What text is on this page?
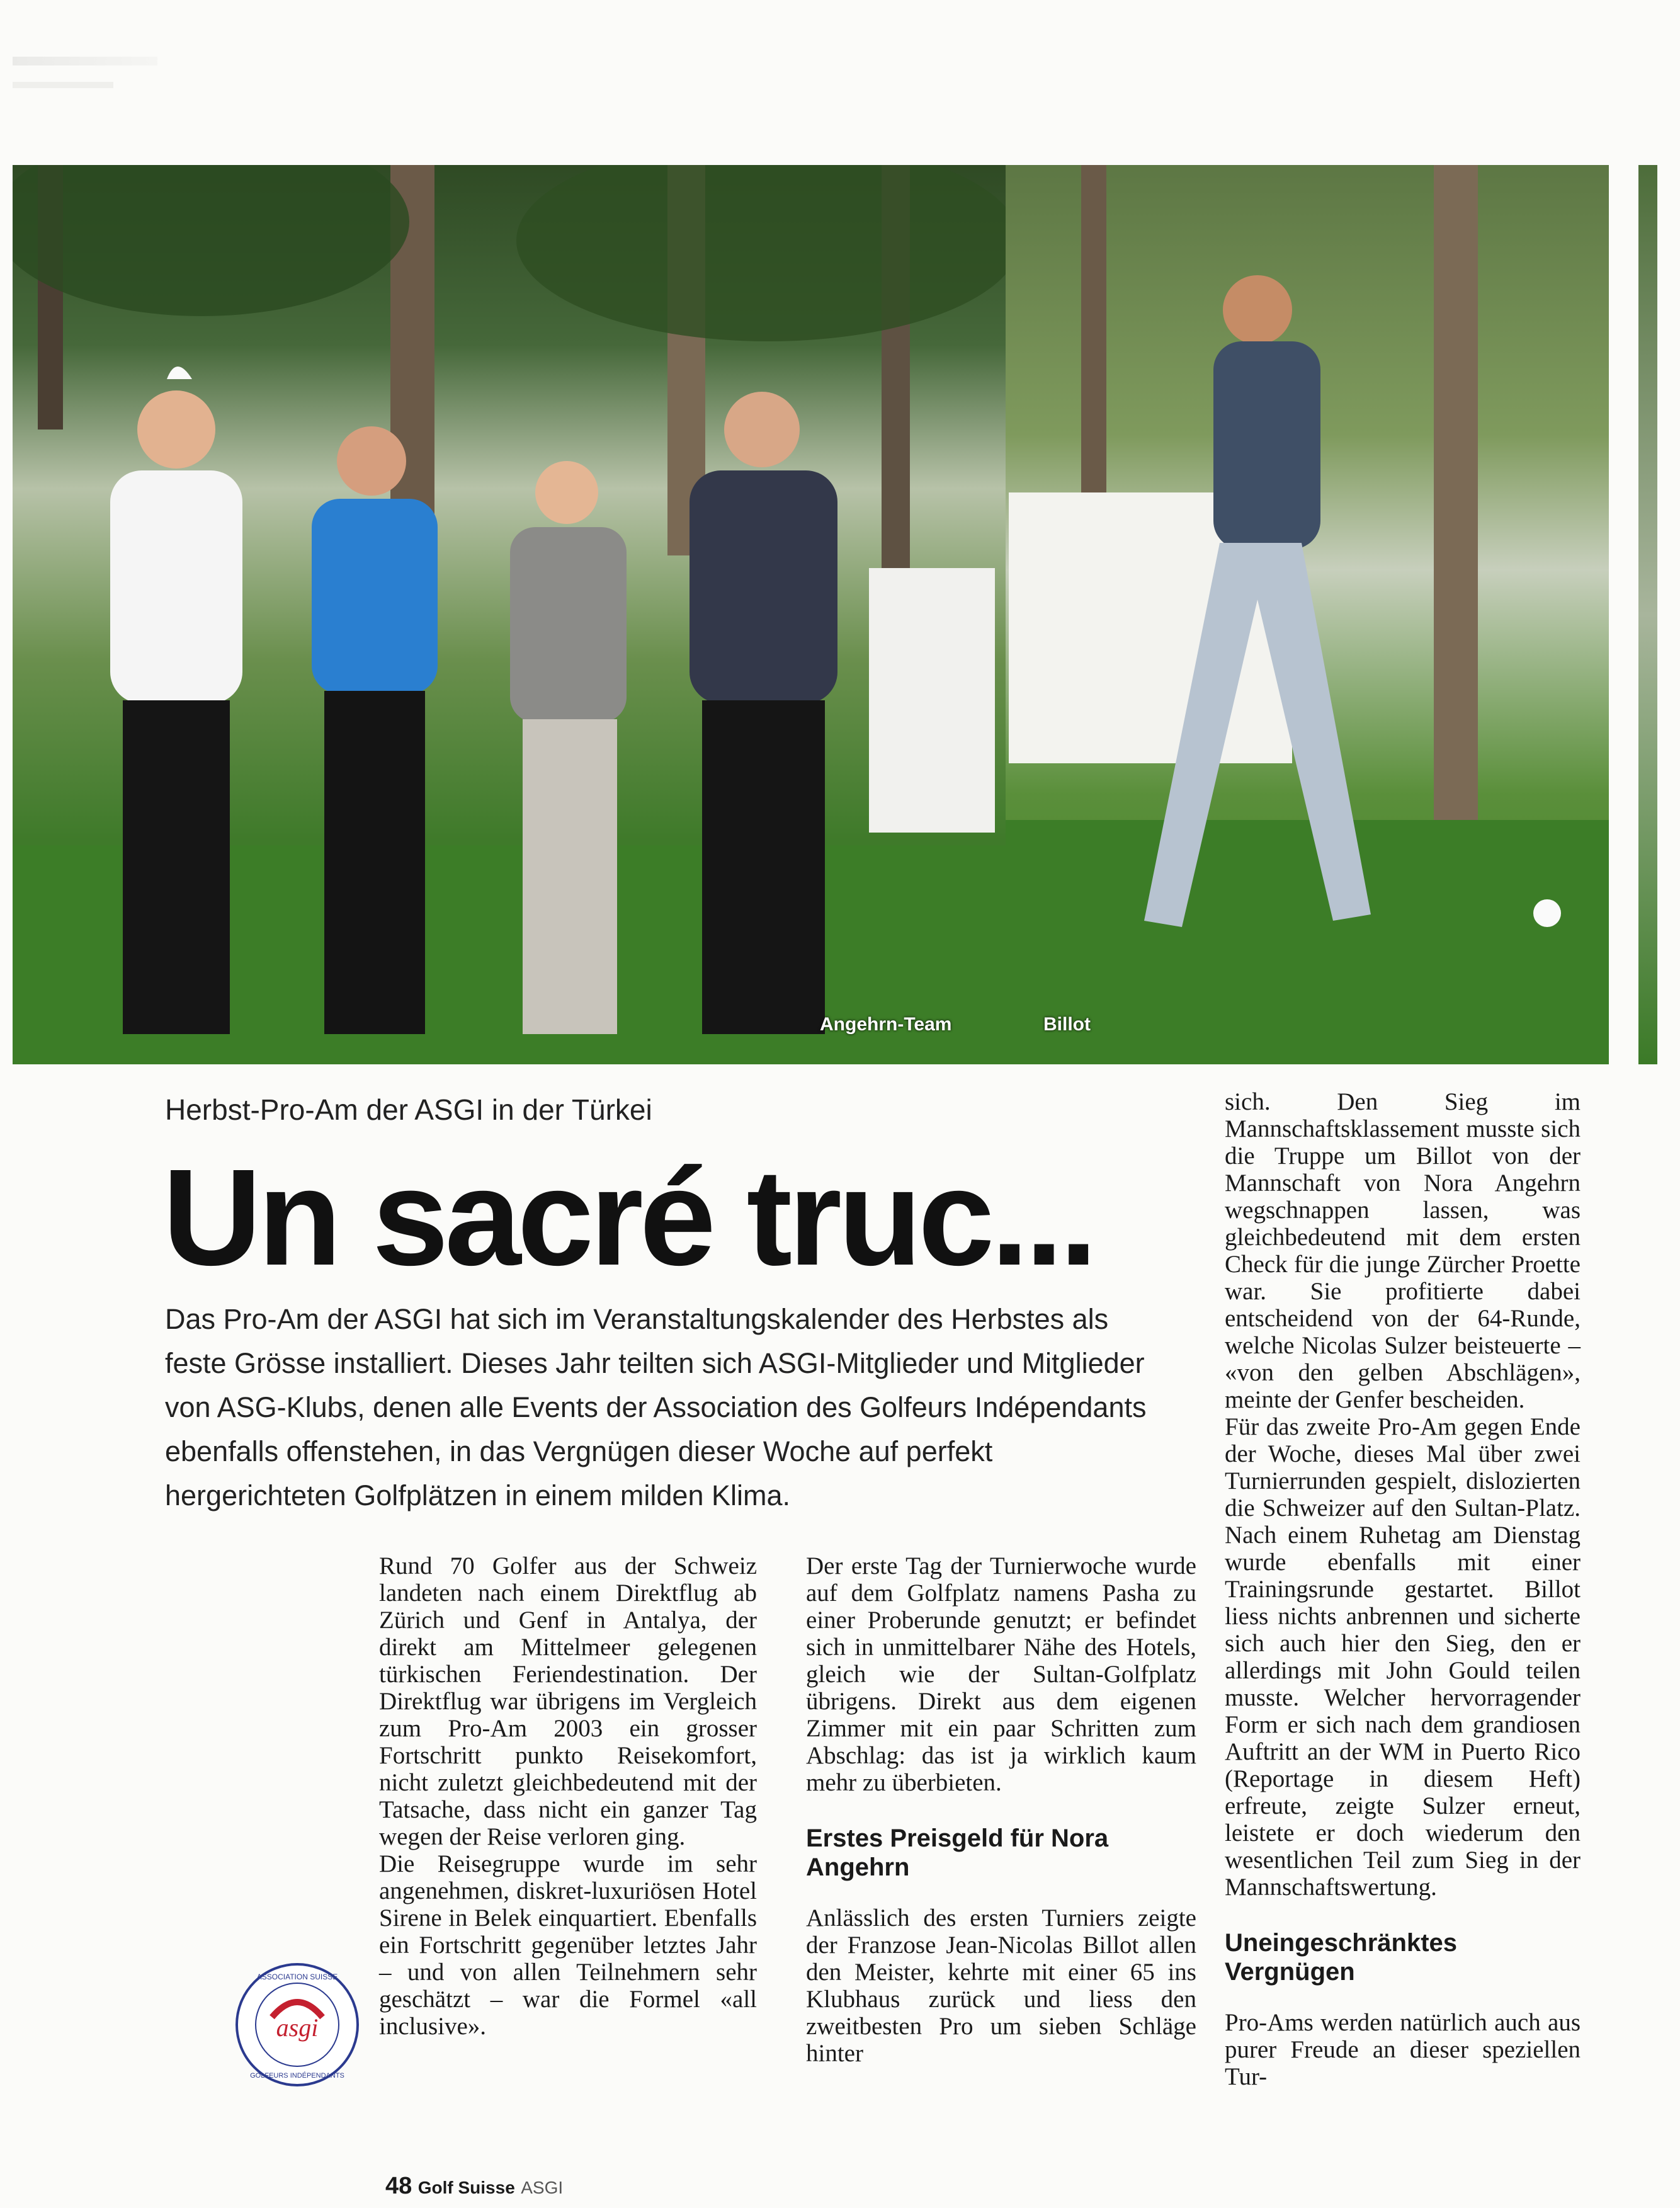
Angehrn-Team	Billot
Herbst-Pro-Am der ASGI in der Türkei
Un sacré truc...
Das Pro-Am der ASGI hat sich im Veranstaltungskalender des Herbstes als feste Grösse installiert. Dieses Jahr teilten sich ASGI-Mitglieder und Mitglieder von ASG-Klubs, denen alle Events der Association des Golfeurs Indépendants ebenfalls offenstehen, in das Vergnügen dieser Woche auf perfekt hergerichteten Golfplätzen in einem milden Klima.

Rund 70 Golfer aus der Schweiz landeten nach einem Direktflug ab Zürich und Genf in Antalya, der direkt am Mittelmeer gelegenen türkischen Feriendestination. Der Direktflug war übrigens im Vergleich zum Pro-Am 2003 ein grosser Fortschritt punkto Reisekomfort, nicht zuletzt gleichbedeutend mit der Tatsache, dass nicht ein ganzer Tag wegen der Reise verloren ging.

Die Reisegruppe wurde im sehr angenehmen, diskret-luxuriösen Hotel Sirene in Belek einquartiert. Ebenfalls ein Fortschritt gegenüber letztes Jahr – und von allen Teilnehmern sehr geschätzt – war die Formel «all inclusive».

Der erste Tag der Turnierwoche wurde auf dem Golfplatz namens Pasha zu einer Proberunde genutzt; er befindet sich in unmittelbarer Nähe des Hotels, gleich wie der Sultan-Golfplatz übrigens. Direkt aus dem eigenen Zimmer mit ein paar Schritten zum Abschlag: das ist ja wirklich kaum mehr zu überbieten.

Erstes Preisgeld für Nora Angehrn

Anlässlich des ersten Turniers zeigte der Franzose Jean-Nicolas Billot allen den Meister, kehrte mit einer 65 ins Klubhaus zurück und liess den zweitbesten Pro um sieben Schläge hinter

sich. Den Sieg im Mannschaftsklassement musste sich die Truppe um Billot von der Mannschaft von Nora Angehrn wegschnappen lassen, was gleichbedeutend mit dem ersten Check für die junge Zürcher Proette war. Sie profitierte dabei entscheidend von der 64-Runde, welche Nicolas Sulzer beisteuerte – «von den gelben Abschlägen», meinte der Genfer bescheiden.

Für das zweite Pro-Am gegen Ende der Woche, dieses Mal über zwei Turnierrunden gespielt, dislozierten die Schweizer auf den Sultan-Platz. Nach einem Ruhetag am Dienstag wurde ebenfalls mit einer Trainingsrunde gestartet. Billot liess nichts anbrennen und sicherte sich auch hier den Sieg, den er allerdings mit John Gould teilen musste. Welcher hervorragender Form er sich nach dem grandiosen Auftritt an der WM in Puerto Rico (Reportage in diesem Heft) erfreute, zeigte Sulzer erneut, leistete er doch wiederum den wesentlichen Teil zum Sieg in der Mannschaftswertung.

Uneingeschränktes Vergnügen

Pro-Ams werden natürlich auch aus purer Freude an dieser speziellen Tur-

asgi
ASSOCIATION SUISSE
GOLFEURS INDÉPENDANTS
48 Golf Suisse ASGI
